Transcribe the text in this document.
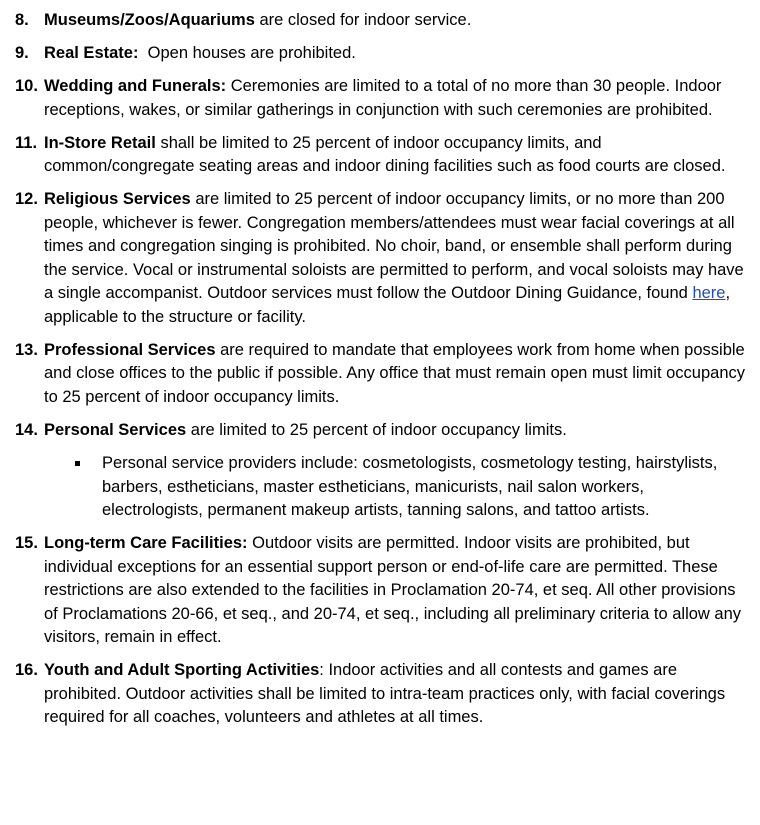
8. Museums/Zoos/Aquariums are closed for indoor service.
9. Real Estate:  Open houses are prohibited.
10. Wedding and Funerals: Ceremonies are limited to a total of no more than 30 people. Indoor receptions, wakes, or similar gatherings in conjunction with such ceremonies are prohibited.
11. In-Store Retail shall be limited to 25 percent of indoor occupancy limits, and common/congregate seating areas and indoor dining facilities such as food courts are closed.
12. Religious Services are limited to 25 percent of indoor occupancy limits, or no more than 200 people, whichever is fewer. Congregation members/attendees must wear facial coverings at all times and congregation singing is prohibited. No choir, band, or ensemble shall perform during the service. Vocal or instrumental soloists are permitted to perform, and vocal soloists may have a single accompanist. Outdoor services must follow the Outdoor Dining Guidance, found here, applicable to the structure or facility.
13. Professional Services are required to mandate that employees work from home when possible and close offices to the public if possible. Any office that must remain open must limit occupancy to 25 percent of indoor occupancy limits.
14. Personal Services are limited to 25 percent of indoor occupancy limits.
Personal service providers include: cosmetologists, cosmetology testing, hairstylists, barbers, estheticians, master estheticians, manicurists, nail salon workers, electrologists, permanent makeup artists, tanning salons, and tattoo artists.
15. Long-term Care Facilities: Outdoor visits are permitted. Indoor visits are prohibited, but individual exceptions for an essential support person or end-of-life care are permitted. These restrictions are also extended to the facilities in Proclamation 20-74, et seq. All other provisions of Proclamations 20-66, et seq., and 20-74, et seq., including all preliminary criteria to allow any visitors, remain in effect.
16. Youth and Adult Sporting Activities: Indoor activities and all contests and games are prohibited. Outdoor activities shall be limited to intra-team practices only, with facial coverings required for all coaches, volunteers and athletes at all times.
